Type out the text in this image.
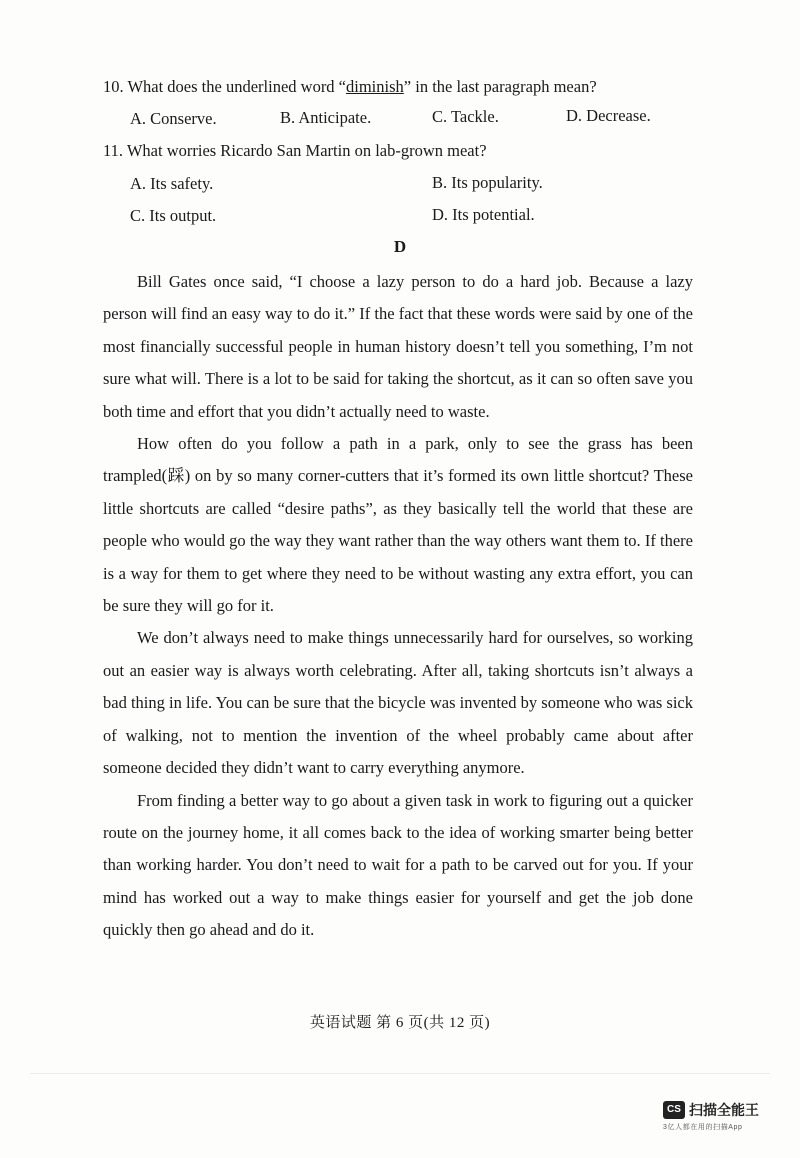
10. What does the underlined word “diminish” in the last paragraph mean?
A. Conserve.	B. Anticipate.	C. Tackle.	D. Decrease.
11. What worries Ricardo San Martin on lab-grown meat?
A. Its safety.	B. Its popularity.
C. Its output.	D. Its potential.
D

Bill Gates once said, “I choose a lazy person to do a hard job. Because a lazy person will find an easy way to do it.” If the fact that these words were said by one of the most financially successful people in human history doesn’t tell you something, I’m not sure what will. There is a lot to be said for taking the shortcut, as it can so often save you both time and effort that you didn’t actually need to waste.

How often do you follow a path in a park, only to see the grass has been trampled(踩) on by so many corner-cutters that it’s formed its own little shortcut? These little shortcuts are called “desire paths”, as they basically tell the world that these are people who would go the way they want rather than the way others want them to. If there is a way for them to get where they need to be without wasting any extra effort, you can be sure they will go for it.

We don’t always need to make things unnecessarily hard for ourselves, so working out an easier way is always worth celebrating. After all, taking shortcuts isn’t always a bad thing in life. You can be sure that the bicycle was invented by someone who was sick of walking, not to mention the invention of the wheel probably came about after someone decided they didn’t want to carry everything anymore.

From finding a better way to go about a given task in work to figuring out a quicker route on the journey home, it all comes back to the idea of working smarter being better than working harder. You don’t need to wait for a path to be carved out for you. If your mind has worked out a way to make things easier for yourself and get the job done quickly then go ahead and do it.

英语试题 第 6 页(共 12 页)
CS 扫描全能王
3亿人都在用的扫描App
